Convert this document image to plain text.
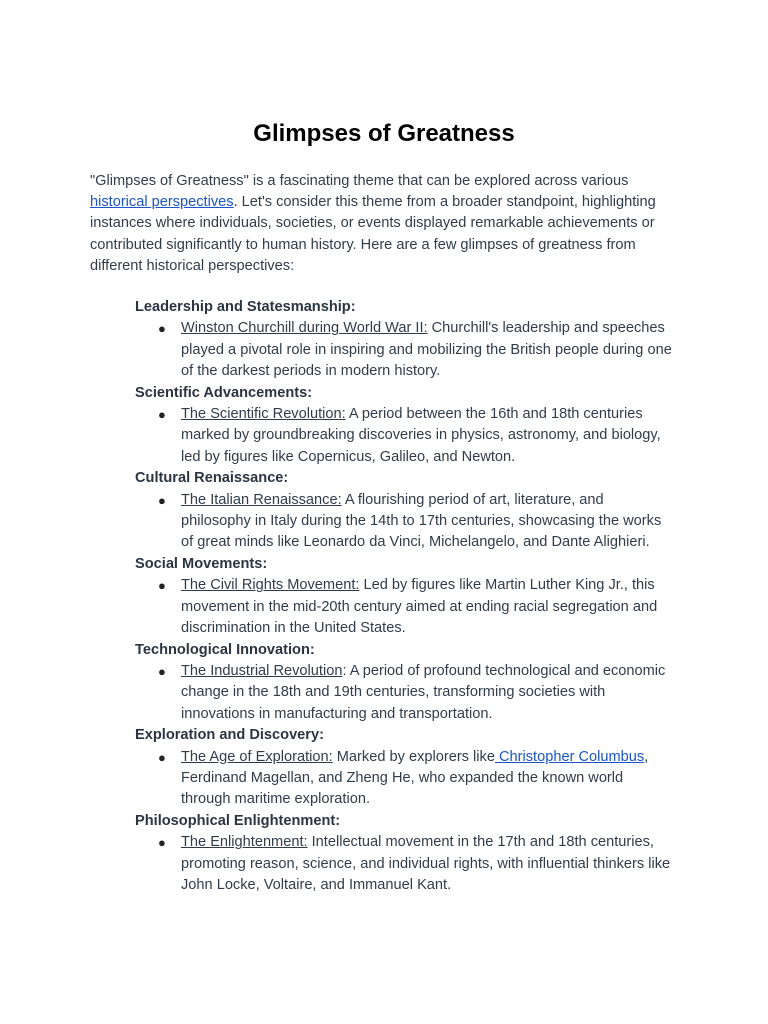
Glimpses of Greatness

"Glimpses of Greatness" is a fascinating theme that can be explored across various historical perspectives. Let's consider this theme from a broader standpoint, highlighting instances where individuals, societies, or events displayed remarkable achievements or contributed significantly to human history. Here are a few glimpses of greatness from different historical perspectives:

Leadership and Statesmanship:

● Winston Churchill during World War II: Churchill's leadership and speeches played a pivotal role in inspiring and mobilizing the British people during one of the darkest periods in modern history.

Scientific Advancements:

● The Scientific Revolution: A period between the 16th and 18th centuries marked by groundbreaking discoveries in physics, astronomy, and biology, led by figures like Copernicus, Galileo, and Newton.

Cultural Renaissance:

● The Italian Renaissance: A flourishing period of art, literature, and philosophy in Italy during the 14th to 17th centuries, showcasing the works of great minds like Leonardo da Vinci, Michelangelo, and Dante Alighieri.

Social Movements:

● The Civil Rights Movement: Led by figures like Martin Luther King Jr., this movement in the mid-20th century aimed at ending racial segregation and discrimination in the United States.

Technological Innovation:

● The Industrial Revolution: A period of profound technological and economic change in the 18th and 19th centuries, transforming societies with innovations in manufacturing and transportation.

Exploration and Discovery:

● The Age of Exploration: Marked by explorers like Christopher Columbus, Ferdinand Magellan, and Zheng He, who expanded the known world through maritime exploration.

Philosophical Enlightenment:

● The Enlightenment: Intellectual movement in the 17th and 18th centuries, promoting reason, science, and individual rights, with influential thinkers like John Locke, Voltaire, and Immanuel Kant.
